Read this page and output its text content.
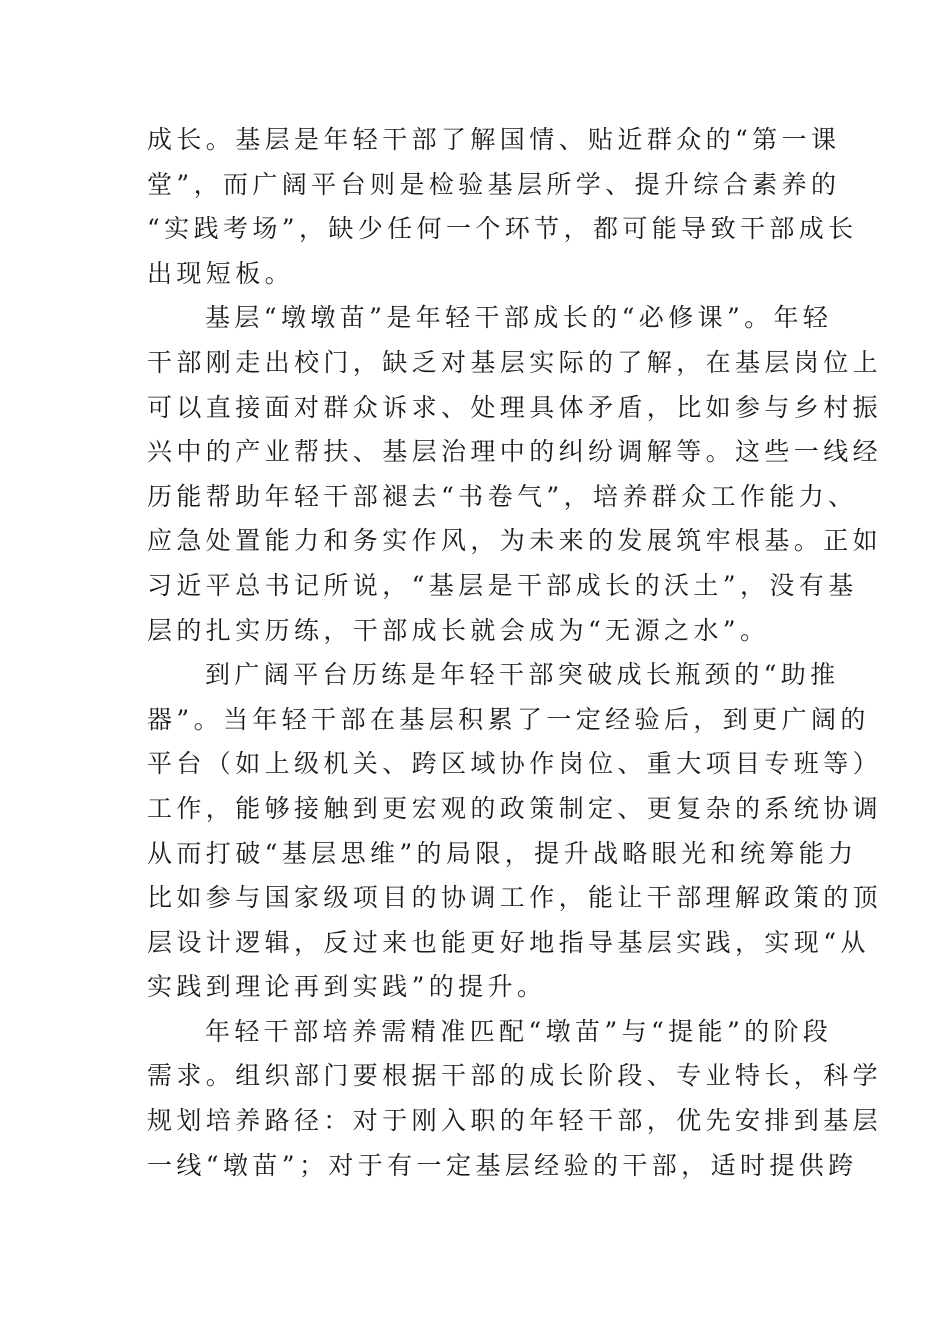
成长。基层是年轻干部了解国情、贴近群众的“第一课
堂”，而广阔平台则是检验基层所学、提升综合素养的
“实践考场”，缺少任何一个环节，都可能导致干部成长
出现短板。
基层“墩墩苗”是年轻干部成长的“必修课”。年轻
干部刚走出校门，缺乏对基层实际的了解，在基层岗位上
可以直接面对群众诉求、处理具体矛盾，比如参与乡村振
兴中的产业帮扶、基层治理中的纠纷调解等。这些一线经
历能帮助年轻干部褪去“书卷气”，培养群众工作能力、
应急处置能力和务实作风，为未来的发展筑牢根基。正如
习近平总书记所说，“基层是干部成长的沃土”，没有基
层的扎实历练，干部成长就会成为“无源之水”。
到广阔平台历练是年轻干部突破成长瓶颈的“助推
器”。当年轻干部在基层积累了一定经验后，到更广阔的
平台（如上级机关、跨区域协作岗位、重大项目专班等）
工作，能够接触到更宏观的政策制定、更复杂的系统协调
从而打破“基层思维”的局限，提升战略眼光和统筹能力
比如参与国家级项目的协调工作，能让干部理解政策的顶
层设计逻辑，反过来也能更好地指导基层实践，实现“从
实践到理论再到实践”的提升。
年轻干部培养需精准匹配“墩苗”与“提能”的阶段
需求。组织部门要根据干部的成长阶段、专业特长，科学
规划培养路径：对于刚入职的年轻干部，优先安排到基层
一线“墩苗”；对于有一定基层经验的干部，适时提供跨
